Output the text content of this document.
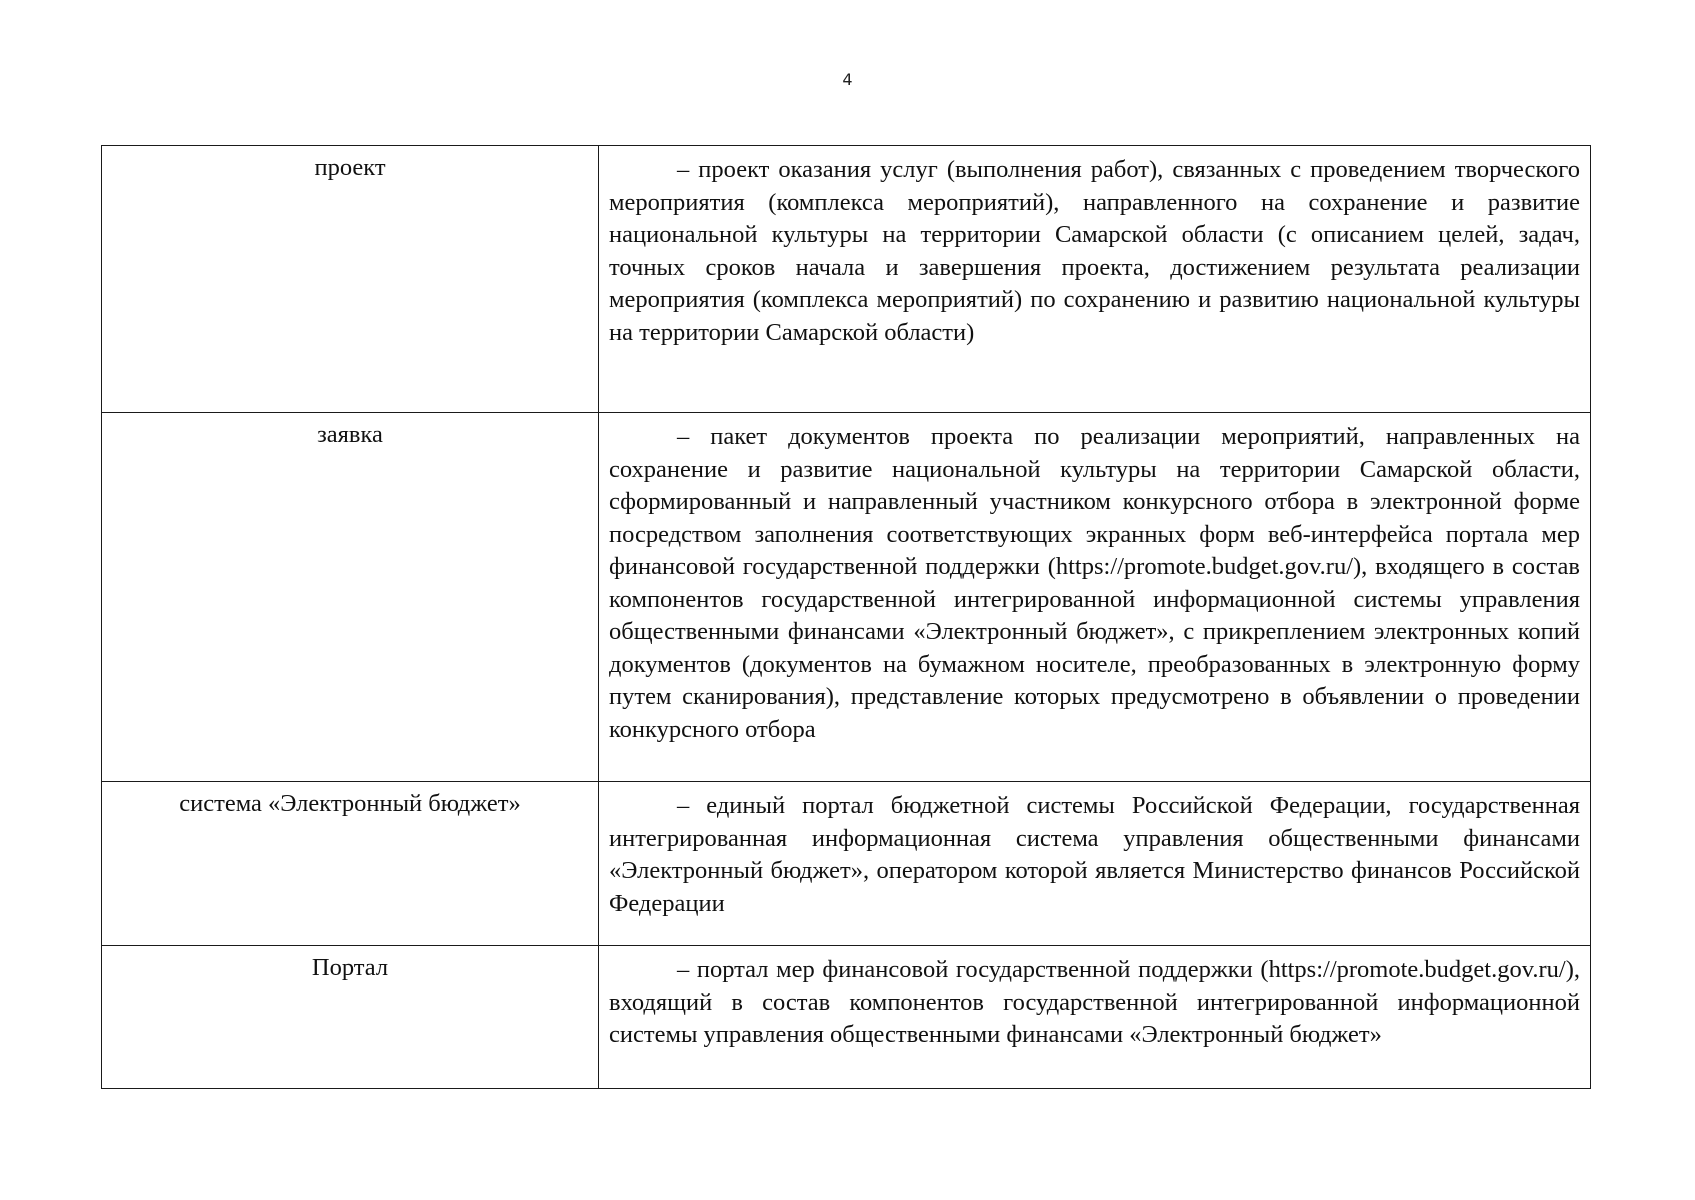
4
проект	– проект оказания услуг (выполнения работ), связанных с проведением творческого мероприятия (комплекса мероприятий), направленного на сохранение и развитие национальной культуры на территории Самарской области (с описанием целей, задач, точных сроков начала и завершения проекта, достижением результата реализации мероприятия (комплекса мероприятий) по сохранению и развитию национальной культуры на территории Самарской области)
заявка	– пакет документов проекта по реализации мероприятий, направленных на сохранение и развитие национальной культуры на территории Самарской области, сформированный и направленный участником конкурсного отбора в электронной форме посредством заполнения соответствующих экранных форм веб-интерфейса портала мер финансовой государственной поддержки (https://promote.budget.gov.ru/), входящего в состав компонентов государственной интегрированной информационной системы управления общественными финансами «Электронный бюджет», с прикреплением электронных копий документов (документов на бумажном носителе, преобразованных в электронную форму путем сканирования), представление которых предусмотрено в объявлении о проведении конкурсного отбора
система «Электронный бюджет»	– единый портал бюджетной системы Российской Федерации, государственная интегрированная информационная система управления общественными финансами «Электронный бюджет», оператором которой является Министерство финансов Российской Федерации
Портал	– портал мер финансовой государственной поддержки (https://promote.budget.gov.ru/), входящий в состав компонентов государственной интегрированной информационной системы управления общественными финансами «Электронный бюджет»
